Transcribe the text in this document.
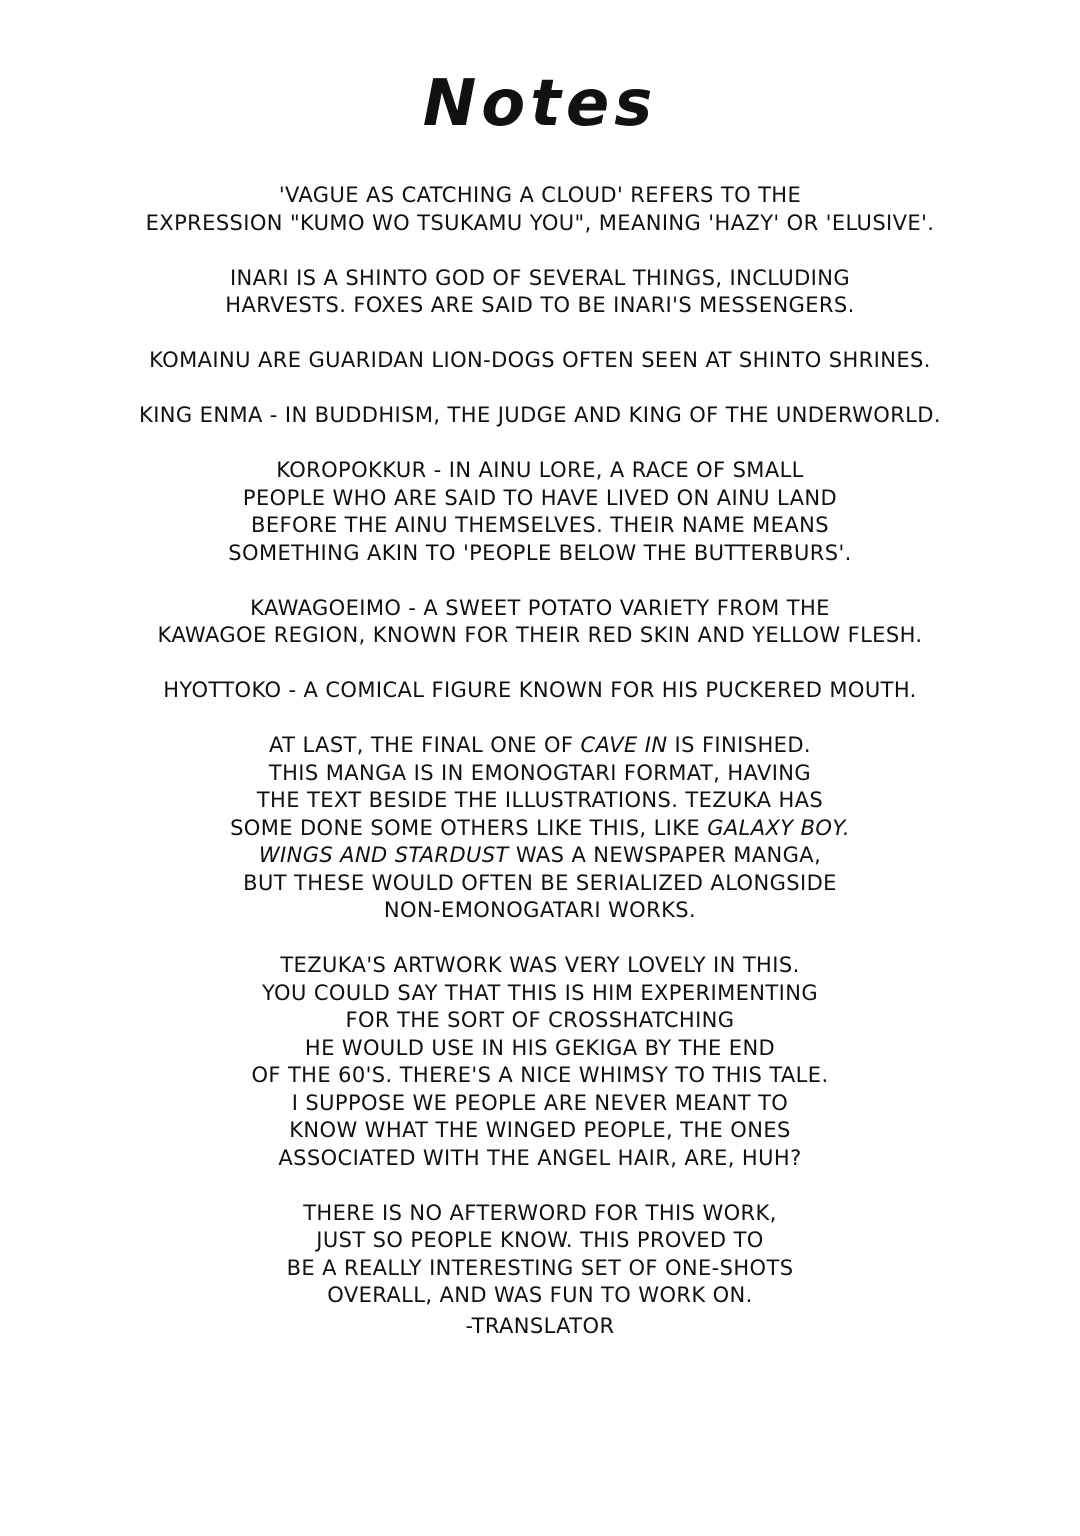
Notes
'VAGUE AS CATCHING A CLOUD' REFERS TO THE
EXPRESSION "KUMO WO TSUKAMU YOU", MEANING 'HAZY' OR 'ELUSIVE'.
INARI IS A SHINTO GOD OF SEVERAL THINGS, INCLUDING
HARVESTS. FOXES ARE SAID TO BE INARI'S MESSENGERS.
KOMAINU ARE GUARIDAN LION-DOGS OFTEN SEEN AT SHINTO SHRINES.
KING ENMA - IN BUDDHISM, THE JUDGE AND KING OF THE UNDERWORLD.
KOROPOKKUR - IN AINU LORE, A RACE OF SMALL
PEOPLE WHO ARE SAID TO HAVE LIVED ON AINU LAND
BEFORE THE AINU THEMSELVES. THEIR NAME MEANS
SOMETHING AKIN TO 'PEOPLE BELOW THE BUTTERBURS'.
KAWAGOEIMO - A SWEET POTATO VARIETY FROM THE
KAWAGOE REGION, KNOWN FOR THEIR RED SKIN AND YELLOW FLESH.
HYOTTOKO - A COMICAL FIGURE KNOWN FOR HIS PUCKERED MOUTH.
AT LAST, THE FINAL ONE OF CAVE IN IS FINISHED.
THIS MANGA IS IN EMONOGTARI FORMAT, HAVING
THE TEXT BESIDE THE ILLUSTRATIONS. TEZUKA HAS
SOME DONE SOME OTHERS LIKE THIS, LIKE GALAXY BOY.
WINGS AND STARDUST WAS A NEWSPAPER MANGA,
BUT THESE WOULD OFTEN BE SERIALIZED ALONGSIDE
NON-EMONOGATARI WORKS.
TEZUKA'S ARTWORK WAS VERY LOVELY IN THIS.
YOU COULD SAY THAT THIS IS HIM EXPERIMENTING
FOR THE SORT OF CROSSHATCHING
HE WOULD USE IN HIS GEKIGA BY THE END
OF THE 60'S. THERE'S A NICE WHIMSY TO THIS TALE.
I SUPPOSE WE PEOPLE ARE NEVER MEANT TO
KNOW WHAT THE WINGED PEOPLE, THE ONES
ASSOCIATED WITH THE ANGEL HAIR, ARE, HUH?
THERE IS NO AFTERWORD FOR THIS WORK,
JUST SO PEOPLE KNOW. THIS PROVED TO
BE A REALLY INTERESTING SET OF ONE-SHOTS
OVERALL, AND WAS FUN TO WORK ON.
-TRANSLATOR
